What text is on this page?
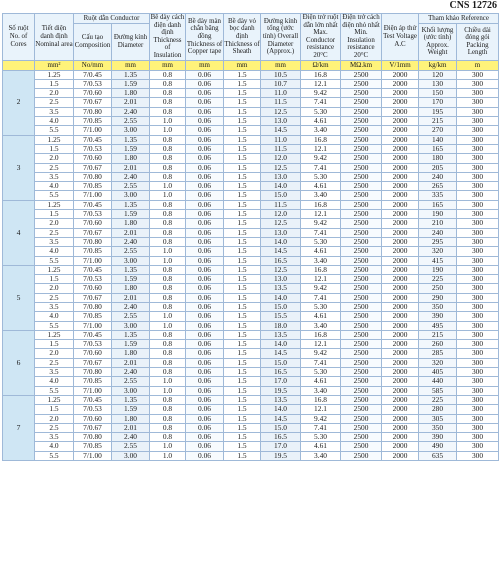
CNS 12726
Số ruột No. of Cores	Tiết diện danh định Nominal area	Ruột dẫn Conductor		Bề dày cách điện danh định Thickness of Insulation	Bề dày màn chắn băng đồng Thickness of Copper tape	Bề dày vỏ bọc danh định Thickness of Sheath	Đường kính tổng (ước tính) Overall Diameter (Approx.)	Điện trở ruột dẫn lớn nhất Max. Conductor resistance 20°C	Điện trở cách điện nhỏ nhất Min. Insulation resistance 20°C	Điện áp thử Test Voltage A.C	Tham khảo Reference	
		Cấu tạo Composition	Đường kính Diameter								Khối lượng (ước tính) Approx. Weight	Chiều dài đóng gói Packing Length
	mm²	No/mm	mm	mm	mm	mm	mm	Ω/km	MΩ.km	V/1mm	kg/km	m
2	1.25	7/0.45	1.35	0.8	0.06	1.5	10.5	16.8	2500	2000	120	300
	1.5	7/0.53	1.59	0.8	0.06	1.5	10.7	12.1	2500	2000	130	300
	2.0	7/0.60	1.80	0.8	0.06	1.5	11.0	9.42	2500	2000	150	300
	2.5	7/0.67	2.01	0.8	0.06	1.5	11.5	7.41	2500	2000	170	300
	3.5	7/0.80	2.40	0.8	0.06	1.5	12.5	5.30	2500	2000	195	300
	4.0	7/0.85	2.55	1.0	0.06	1.5	13.0	4.61	2500	2000	215	300
	5.5	7/1.00	3.00	1.0	0.06	1.5	14.5	3.40	2500	2000	270	300
3	1.25	7/0.45	1.35	0.8	0.06	1.5	11.0	16.8	2500	2000	140	300
	1.5	7/0.53	1.59	0.8	0.06	1.5	11.5	12.1	2500	2000	165	300
	2.0	7/0.60	1.80	0.8	0.06	1.5	12.0	9.42	2500	2000	180	300
	2.5	7/0.67	2.01	0.8	0.06	1.5	12.5	7.41	2500	2000	205	300
	3.5	7/0.80	2.40	0.8	0.06	1.5	13.0	5.30	2500	2000	240	300
	4.0	7/0.85	2.55	1.0	0.06	1.5	14.0	4.61	2500	2000	265	300
	5.5	7/1.00	3.00	1.0	0.06	1.5	15.0	3.40	2500	2000	335	300
4	1.25	7/0.45	1.35	0.8	0.06	1.5	11.5	16.8	2500	2000	165	300
	1.5	7/0.53	1.59	0.8	0.06	1.5	12.0	12.1	2500	2000	190	300
	2.0	7/0.60	1.80	0.8	0.06	1.5	12.5	9.42	2500	2000	210	300
	2.5	7/0.67	2.01	0.8	0.06	1.5	13.0	7.41	2500	2000	240	300
	3.5	7/0.80	2.40	0.8	0.06	1.5	14.0	5.30	2500	2000	295	300
	4.0	7/0.85	2.55	1.0	0.06	1.5	14.5	4.61	2500	2000	320	300
	5.5	7/1.00	3.00	1.0	0.06	1.5	16.5	3.40	2500	2000	415	300
5	1.25	7/0.45	1.35	0.8	0.06	1.5	12.5	16.8	2500	2000	190	300
	1.5	7/0.53	1.59	0.8	0.06	1.5	13.0	12.1	2500	2000	225	300
	2.0	7/0.60	1.80	0.8	0.06	1.5	13.5	9.42	2500	2000	250	300
	2.5	7/0.67	2.01	0.8	0.06	1.5	14.0	7.41	2500	2000	290	300
	3.5	7/0.80	2.40	0.8	0.06	1.5	15.0	5.30	2500	2000	350	300
	4.0	7/0.85	2.55	1.0	0.06	1.5	15.5	4.61	2500	2000	390	300
	5.5	7/1.00	3.00	1.0	0.06	1.5	18.0	3.40	2500	2000	495	300
6	1.25	7/0.45	1.35	0.8	0.06	1.5	13.5	16.8	2500	2000	215	300
	1.5	7/0.53	1.59	0.8	0.06	1.5	14.0	12.1	2500	2000	260	300
	2.0	7/0.60	1.80	0.8	0.06	1.5	14.5	9.42	2500	2000	285	300
	2.5	7/0.67	2.01	0.8	0.06	1.5	15.0	7.41	2500	2000	320	300
	3.5	7/0.80	2.40	0.8	0.06	1.5	16.5	5.30	2500	2000	405	300
	4.0	7/0.85	2.55	1.0	0.06	1.5	17.0	4.61	2500	2000	440	300
	5.5	7/1.00	3.00	1.0	0.06	1.5	19.5	3.40	2500	2000	585	300
7	1.25	7/0.45	1.35	0.8	0.06	1.5	13.5	16.8	2500	2000	225	300
	1.5	7/0.53	1.59	0.8	0.06	1.5	14.0	12.1	2500	2000	280	300
	2.0	7/0.60	1.80	0.8	0.06	1.5	14.5	9.42	2500	2000	305	300
	2.5	7/0.67	2.01	0.8	0.06	1.5	15.0	7.41	2500	2000	350	300
	3.5	7/0.80	2.40	0.8	0.06	1.5	16.5	5.30	2500	2000	390	300
	4.0	7/0.85	2.55	1.0	0.06	1.5	17.0	4.61	2500	2000	490	300
	5.5	7/1.00	3.00	1.0	0.06	1.5	19.5	3.40	2500	2000	635	300
